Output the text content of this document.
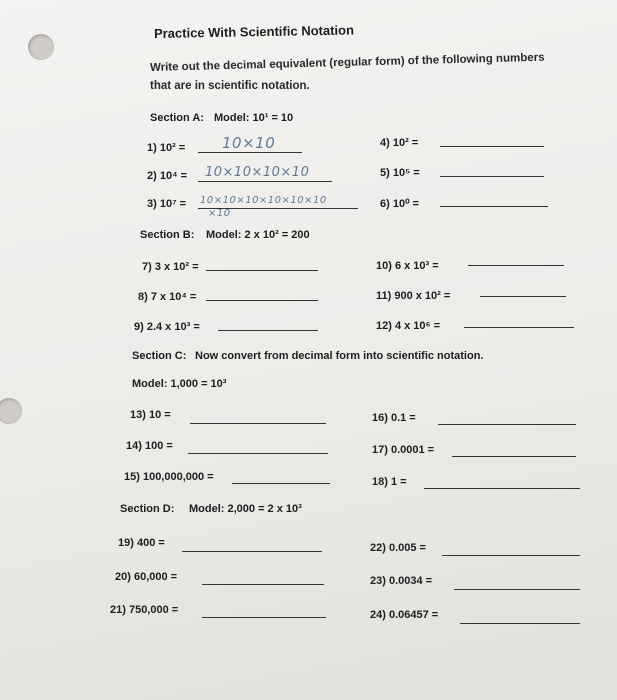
Practice With Scientific Notation
Write out the decimal equivalent (regular form) of the following numbers
that are in scientific notation.
Section A: Model: 10¹ = 10
1) 10² = 10×10
2) 10⁴ = 10×10×10×10
3) 10⁷ = 10×10×10×10×10×10
×10
4) 10² =
5) 10⁵ =
6) 10⁰ =
Section B: Model: 2 x 10² = 200
7) 3 x 10² =
8) 7 x 10⁴ =
9) 2.4 x 10³ =
10) 6 x 10³ =
11) 900 x 10² =
12) 4 x 10⁶ =
Section C: Now convert from decimal form into scientific notation.
Model: 1,000 = 10³
13) 10 =
14) 100 =
15) 100,000,000 =
16) 0.1 =
17) 0.0001 =
18) 1 =
Section D: Model: 2,000 = 2 x 10³
19) 400 =
20) 60,000 =
21) 750,000 =
22) 0.005 =
23) 0.0034 =
24) 0.06457 =
